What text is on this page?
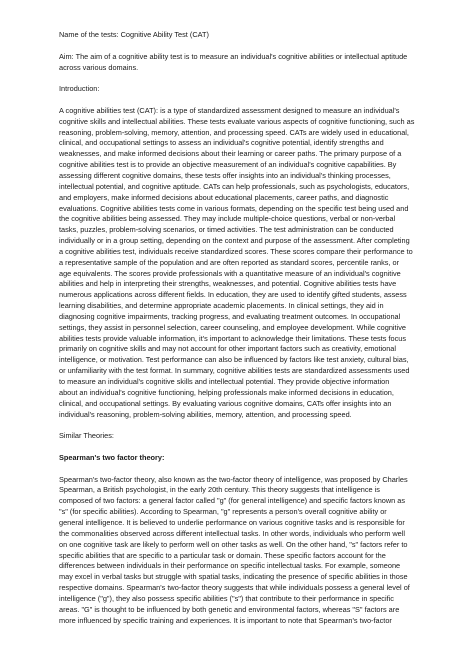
Name of the tests: Cognitive Ability Test (CAT)

Aim: The aim of a cognitive ability test is to measure an individual's cognitive abilities or intellectual aptitude
across various domains.

Introduction:

A cognitive abilities test (CAT): is a type of standardized assessment designed to measure an individual's
cognitive skills and intellectual abilities. These tests evaluate various aspects of cognitive functioning, such as
reasoning, problem-solving, memory, attention, and processing speed. CATs are widely used in educational,
clinical, and occupational settings to assess an individual's cognitive potential, identify strengths and
weaknesses, and make informed decisions about their learning or career paths. The primary purpose of a
cognitive abilities test is to provide an objective measurement of an individual's cognitive capabilities. By
assessing different cognitive domains, these tests offer insights into an individual's thinking processes,
intellectual potential, and cognitive aptitude. CATs can help professionals, such as psychologists, educators,
and employers, make informed decisions about educational placements, career paths, and diagnostic
evaluations. Cognitive abilities tests come in various formats, depending on the specific test being used and
the cognitive abilities being assessed. They may include multiple-choice questions, verbal or non-verbal
tasks, puzzles, problem-solving scenarios, or timed activities. The test administration can be conducted
individually or in a group setting, depending on the context and purpose of the assessment. After completing
a cognitive abilities test, individuals receive standardized scores. These scores compare their performance to
a representative sample of the population and are often reported as standard scores, percentile ranks, or
age equivalents. The scores provide professionals with a quantitative measure of an individual's cognitive
abilities and help in interpreting their strengths, weaknesses, and potential. Cognitive abilities tests have
numerous applications across different fields. In education, they are used to identify gifted students, assess
learning disabilities, and determine appropriate academic placements. In clinical settings, they aid in
diagnosing cognitive impairments, tracking progress, and evaluating treatment outcomes. In occupational
settings, they assist in personnel selection, career counseling, and employee development. While cognitive
abilities tests provide valuable information, it's important to acknowledge their limitations. These tests focus
primarily on cognitive skills and may not account for other important factors such as creativity, emotional
intelligence, or motivation. Test performance can also be influenced by factors like test anxiety, cultural bias,
or unfamiliarity with the test format. In summary, cognitive abilities tests are standardized assessments used
to measure an individual's cognitive skills and intellectual potential. They provide objective information
about an individual's cognitive functioning, helping professionals make informed decisions in education,
clinical, and occupational settings. By evaluating various cognitive domains, CATs offer insights into an
individual's reasoning, problem-solving abilities, memory, attention, and processing speed.

Similar Theories:

Spearman's two factor theory:

Spearman's two-factor theory, also known as the two-factor theory of intelligence, was proposed by Charles
Spearman, a British psychologist, in the early 20th century. This theory suggests that intelligence is
composed of two factors: a general factor called "g" (for general intelligence) and specific factors known as
"s" (for specific abilities). According to Spearman, "g" represents a person's overall cognitive ability or
general intelligence. It is believed to underlie performance on various cognitive tasks and is responsible for
the commonalities observed across different intellectual tasks. In other words, individuals who perform well
on one cognitive task are likely to perform well on other tasks as well. On the other hand, "s" factors refer to
specific abilities that are specific to a particular task or domain. These specific factors account for the
differences between individuals in their performance on specific intellectual tasks. For example, someone
may excel in verbal tasks but struggle with spatial tasks, indicating the presence of specific abilities in those
respective domains. Spearman's two-factor theory suggests that while individuals possess a general level of
intelligence ("g"), they also possess specific abilities ("s") that contribute to their performance in specific
areas. "G" is thought to be influenced by both genetic and environmental factors, whereas "S" factors are
more influenced by specific training and experiences. It is important to note that Spearman's two-factor
